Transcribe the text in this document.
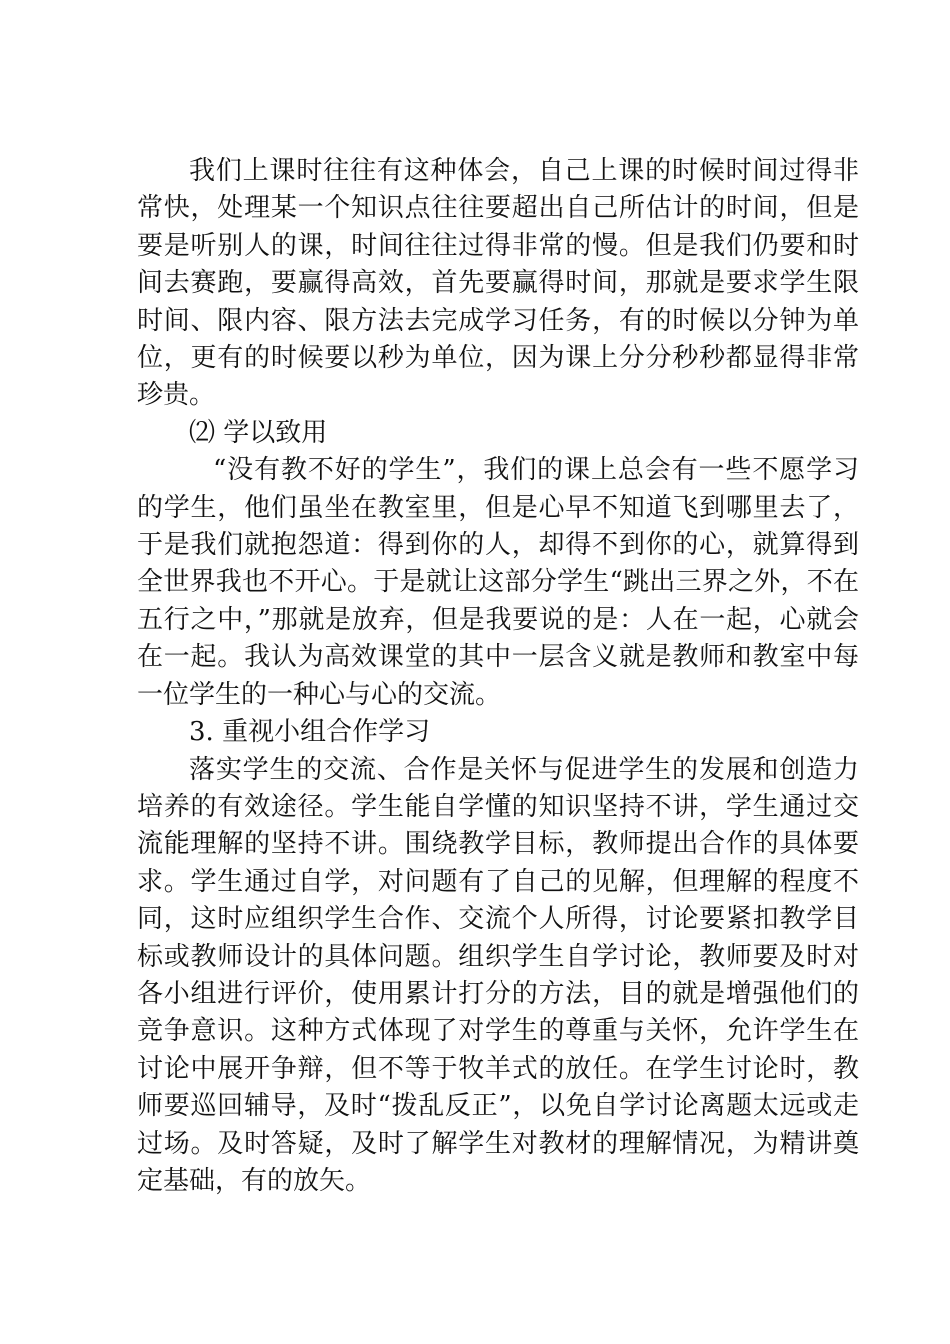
我们上课时往往有这种体会，自己上课的时候时间过得非常快，处理某一个知识点往往要超出自己所估计的时间，但是要是听别人的课，时间往往过得非常的慢。但是我们仍要和时间去赛跑，要赢得高效，首先要赢得时间，那就是要求学生限时间、限内容、限方法去完成学习任务，有的时候以分钟为单位，更有的时候要以秒为单位，因为课上分分秒秒都显得非常珍贵。

⑵ 学以致用

“没有教不好的学生”，我们的课上总会有一些不愿学习的学生，他们虽坐在教室里，但是心早不知道飞到哪里去了，于是我们就抱怨道：得到你的人，却得不到你的心，就算得到全世界我也不开心。于是就让这部分学生“跳出三界之外，不在五行之中，”那就是放弃，但是我要说的是：人在一起，心就会在一起。我认为高效课堂的其中一层含义就是教师和教室中每一位学生的一种心与心的交流。

3. 重视小组合作学习

落实学生的交流、合作是关怀与促进学生的发展和创造力培养的有效途径。学生能自学懂的知识坚持不讲，学生通过交流能理解的坚持不讲。围绕教学目标，教师提出合作的具体要求。学生通过自学，对问题有了自己的见解，但理解的程度不同，这时应组织学生合作、交流个人所得，讨论要紧扣教学目标或教师设计的具体问题。组织学生自学讨论，教师要及时对各小组进行评价，使用累计打分的方法，目的就是增强他们的竞争意识。这种方式体现了对学生的尊重与关怀，允许学生在讨论中展开争辩，但不等于牧羊式的放任。在学生讨论时，教师要巡回辅导，及时“拨乱反正”，以免自学讨论离题太远或走过场。及时答疑，及时了解学生对教材的理解情况，为精讲奠定基础，有的放矢。
